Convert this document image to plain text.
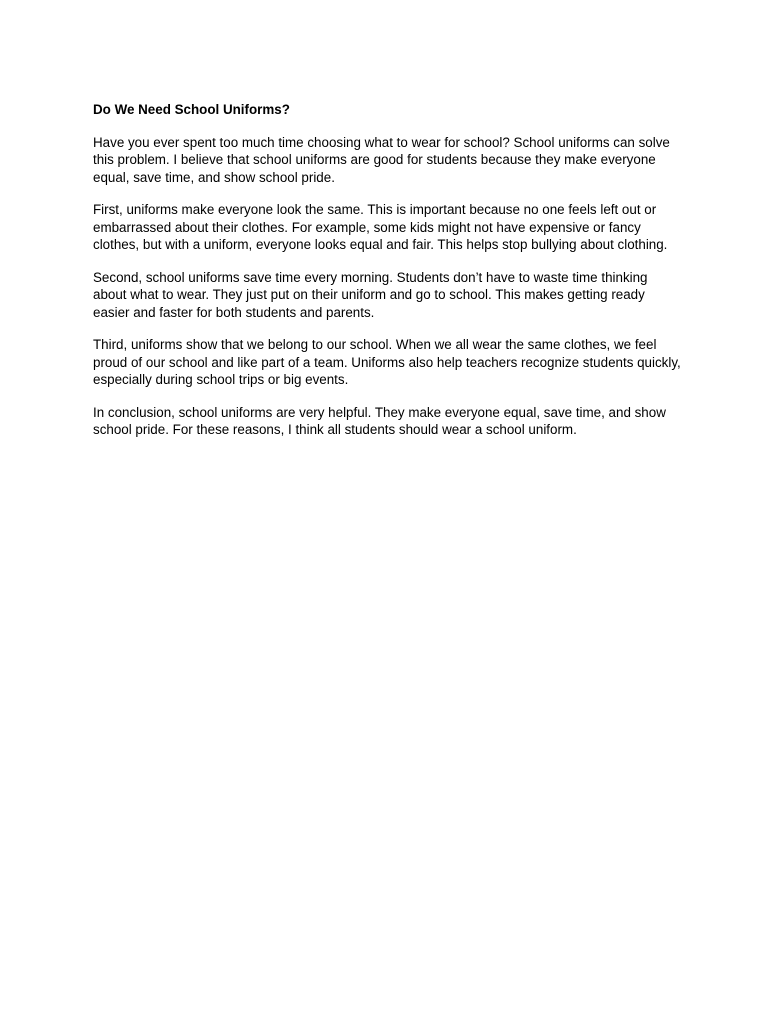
Do We Need School Uniforms?

Have you ever spent too much time choosing what to wear for school? School uniforms can solve this problem. I believe that school uniforms are good for students because they make everyone equal, save time, and show school pride.

First, uniforms make everyone look the same. This is important because no one feels left out or embarrassed about their clothes. For example, some kids might not have expensive or fancy clothes, but with a uniform, everyone looks equal and fair. This helps stop bullying about clothing.

Second, school uniforms save time every morning. Students don’t have to waste time thinking about what to wear. They just put on their uniform and go to school. This makes getting ready easier and faster for both students and parents.

Third, uniforms show that we belong to our school. When we all wear the same clothes, we feel proud of our school and like part of a team. Uniforms also help teachers recognize students quickly, especially during school trips or big events.

In conclusion, school uniforms are very helpful. They make everyone equal, save time, and show school pride. For these reasons, I think all students should wear a school uniform.
